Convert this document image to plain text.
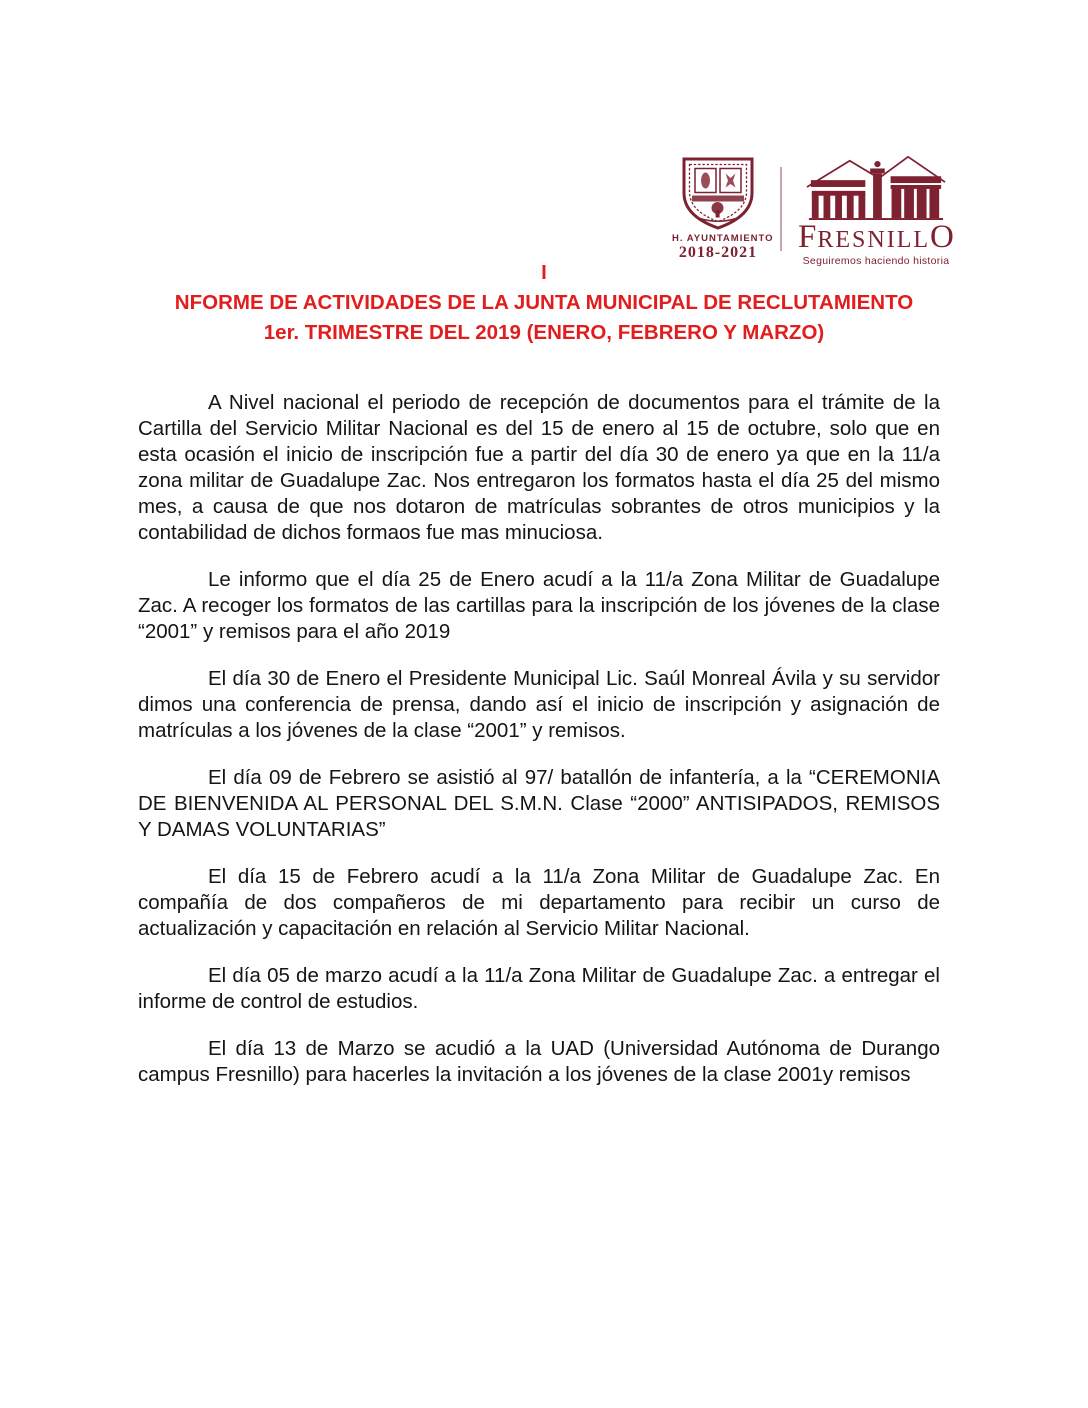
H. AYUNTAMIENTO
2018-2021 FRESNILLO
Seguiremos haciendo historia
I
NFORME DE ACTIVIDADES DE LA JUNTA MUNICIPAL DE RECLUTAMIENTO
1er. TRIMESTRE DEL 2019 (ENERO, FEBRERO Y MARZO)

A Nivel nacional el periodo de recepción de documentos para el trámite de la Cartilla del Servicio Militar Nacional es del 15 de enero al 15 de octubre, solo que en esta ocasión el inicio de inscripción fue a partir del día 30 de enero ya que en la 11/a zona militar de Guadalupe Zac. Nos entregaron los formatos hasta el día 25 del mismo mes, a causa de que nos dotaron de matrículas sobrantes de otros municipios y la contabilidad de dichos formaos fue mas minuciosa.

Le informo que el día 25 de Enero acudí a la 11/a Zona Militar de Guadalupe Zac. A recoger los formatos de las cartillas para la inscripción de los jóvenes de la clase “2001” y remisos para el año 2019

El día 30 de Enero el Presidente Municipal Lic. Saúl Monreal Ávila y su servidor dimos una conferencia de prensa, dando así el inicio de inscripción y asignación de matrículas a los jóvenes de la clase “2001” y remisos.

El día 09 de Febrero se asistió al 97/ batallón de infantería, a la “CEREMONIA DE BIENVENIDA AL PERSONAL DEL S.M.N. Clase “2000” ANTISIPADOS, REMISOS Y DAMAS VOLUNTARIAS”

El día 15 de Febrero acudí a la 11/a Zona Militar de Guadalupe Zac. En compañía de dos compañeros de mi departamento para recibir un curso de actualización y capacitación en relación al Servicio Militar Nacional.

El día 05 de marzo acudí a la 11/a Zona Militar de Guadalupe Zac. a entregar el informe de control de estudios.

El día 13 de Marzo se acudió a la UAD (Universidad Autónoma de Durango campus Fresnillo) para hacerles la invitación a los jóvenes de la clase 2001y remisos
